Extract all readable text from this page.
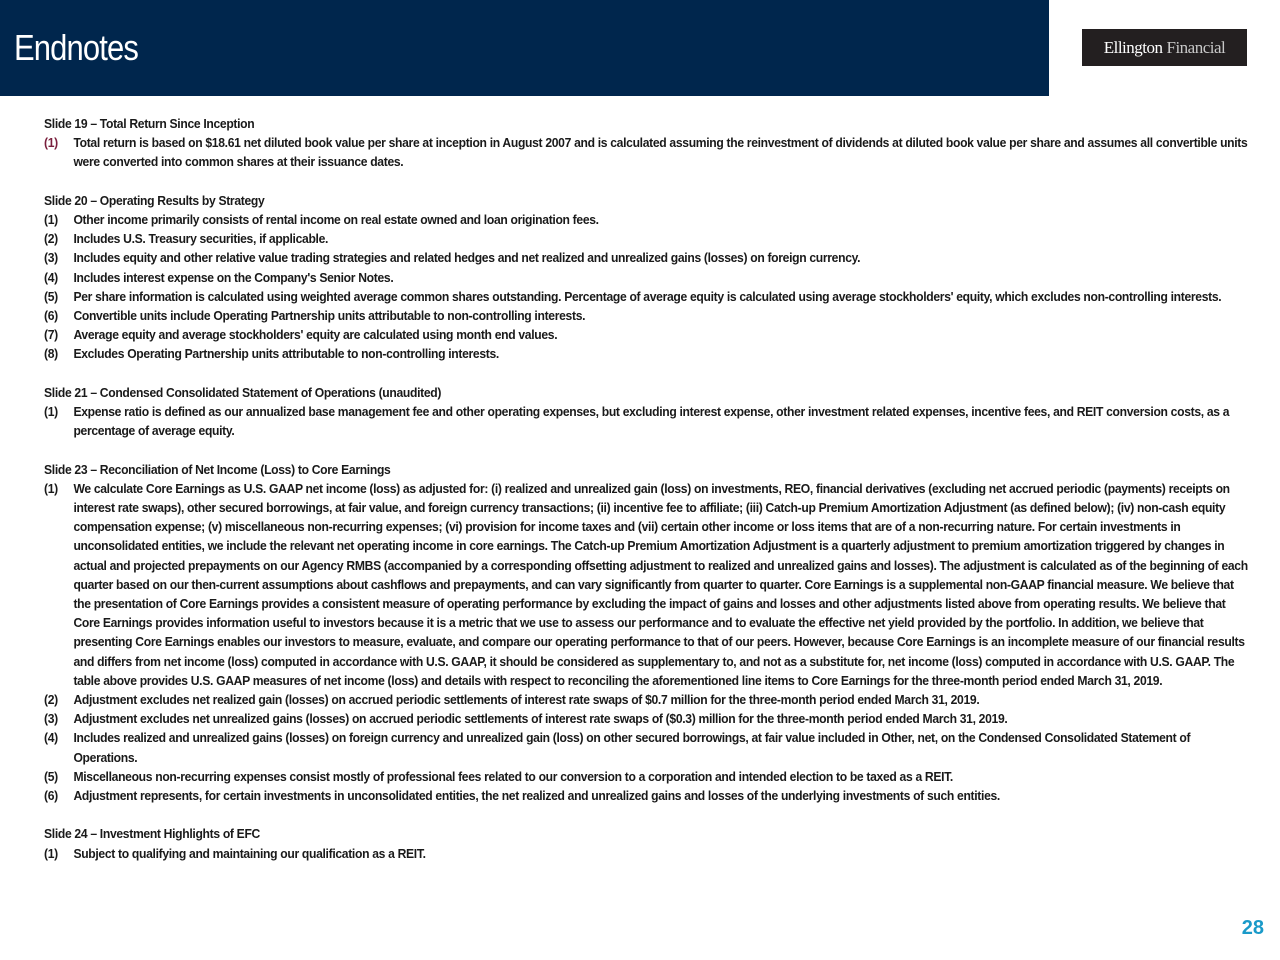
Endnotes	Ellington Financial
Slide 19 – Total Return Since Inception
(1)	Total return is based on $18.61 net diluted book value per share at inception in August 2007 and is calculated assuming the reinvestment of dividends at diluted book value per share and assumes all convertible units were converted into common shares at their issuance dates.
Slide 20 – Operating Results by Strategy
(1)	Other income primarily consists of rental income on real estate owned and loan origination fees.
(2)	Includes U.S. Treasury securities, if applicable.
(3)	Includes equity and other relative value trading strategies and related hedges and net realized and unrealized gains (losses) on foreign currency.
(4)	Includes interest expense on the Company's Senior Notes.
(5)	Per share information is calculated using weighted average common shares outstanding. Percentage of average equity is calculated using average stockholders' equity, which excludes non-controlling interests.
(6)	Convertible units include Operating Partnership units attributable to non-controlling interests.
(7)	Average equity and average stockholders' equity are calculated using month end values.
(8)	Excludes Operating Partnership units attributable to non-controlling interests.
Slide 21 – Condensed Consolidated Statement of Operations (unaudited)
(1)	Expense ratio is defined as our annualized base management fee and other operating expenses, but excluding interest expense, other investment related expenses, incentive fees, and REIT conversion costs, as a percentage of average equity.
Slide 23 – Reconciliation of Net Income (Loss) to Core Earnings
(1)	We calculate Core Earnings as U.S. GAAP net income (loss) as adjusted for: (i) realized and unrealized gain (loss) on investments, REO, financial derivatives (excluding net accrued periodic (payments) receipts on interest rate swaps), other secured borrowings, at fair value, and foreign currency transactions; (ii) incentive fee to affiliate; (iii) Catch-up Premium Amortization Adjustment (as defined below); (iv) non-cash equity compensation expense; (v) miscellaneous non-recurring expenses; (vi) provision for income taxes and (vii) certain other income or loss items that are of a non-recurring nature. For certain investments in unconsolidated entities, we include the relevant net operating income in core earnings. The Catch-up Premium Amortization Adjustment is a quarterly adjustment to premium amortization triggered by changes in actual and projected prepayments on our Agency RMBS (accompanied by a corresponding offsetting adjustment to realized and unrealized gains and losses). The adjustment is calculated as of the beginning of each quarter based on our then-current assumptions about cashflows and prepayments, and can vary significantly from quarter to quarter. Core Earnings is a supplemental non-GAAP financial measure. We believe that the presentation of Core Earnings provides a consistent measure of operating performance by excluding the impact of gains and losses and other adjustments listed above from operating results. We believe that Core Earnings provides information useful to investors because it is a metric that we use to assess our performance and to evaluate the effective net yield provided by the portfolio. In addition, we believe that presenting Core Earnings enables our investors to measure, evaluate, and compare our operating performance to that of our peers. However, because Core Earnings is an incomplete measure of our financial results and differs from net income (loss) computed in accordance with U.S. GAAP, it should be considered as supplementary to, and not as a substitute for, net income (loss) computed in accordance with U.S. GAAP. The table above provides U.S. GAAP measures of net income (loss) and details with respect to reconciling the aforementioned line items to Core Earnings for the three-month period ended March 31, 2019.
(2)	Adjustment excludes net realized gain (losses) on accrued periodic settlements of interest rate swaps of $0.7 million for the three-month period ended March 31, 2019.
(3)	Adjustment excludes net unrealized gains (losses) on accrued periodic settlements of interest rate swaps of ($0.3) million for the three-month period ended March 31, 2019.
(4)	Includes realized and unrealized gains (losses) on foreign currency and unrealized gain (loss) on other secured borrowings, at fair value included in Other, net, on the Condensed Consolidated Statement of Operations.
(5)	Miscellaneous non-recurring expenses consist mostly of professional fees related to our conversion to a corporation and intended election to be taxed as a REIT.
(6)	Adjustment represents, for certain investments in unconsolidated entities, the net realized and unrealized gains and losses of the underlying investments of such entities.
Slide 24 – Investment Highlights of EFC
(1)	Subject to qualifying and maintaining our qualification as a REIT.
28
